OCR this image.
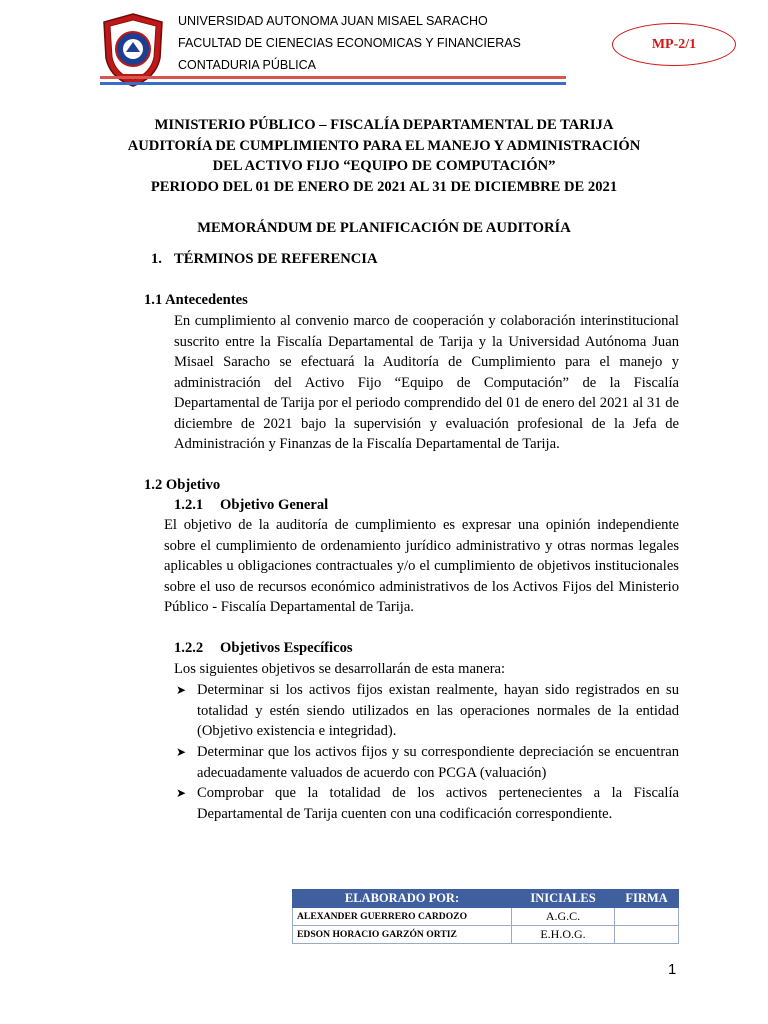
UNIVERSIDAD AUTONOMA JUAN MISAEL SARACHO
FACULTAD DE CIENECIAS ECONOMICAS Y FINANCIERAS
CONTADURIA PÚBLICA
MP-2/1
MINISTERIO PÚBLICO – FISCALÍA DEPARTAMENTAL DE TARIJA
AUDITORÍA DE CUMPLIMIENTO PARA EL MANEJO Y ADMINISTRACIÓN
DEL ACTIVO FIJO “EQUIPO DE COMPUTACIÓN”
PERIODO DEL 01 DE ENERO DE 2021 AL 31 DE DICIEMBRE DE 2021
MEMORÁNDUM DE PLANIFICACIÓN DE AUDITORÍA
1. TÉRMINOS DE REFERENCIA
1.1 Antecedentes
En cumplimiento al convenio marco de cooperación y colaboración interinstitucional suscrito entre la Fiscalía Departamental de Tarija y la Universidad Autónoma Juan Misael Saracho se efectuará la Auditoría de Cumplimiento para el manejo y administración del Activo Fijo “Equipo de Computación” de la Fiscalía Departamental de Tarija por el periodo comprendido del 01 de enero del 2021 al 31 de diciembre de 2021 bajo la supervisión y evaluación profesional de la Jefa de Administración y Finanzas de la Fiscalía Departamental de Tarija.
1.2 Objetivo
1.2.1 Objetivo General
El objetivo de la auditoría de cumplimiento es expresar una opinión independiente sobre el cumplimiento de ordenamiento jurídico administrativo y otras normas legales aplicables u obligaciones contractuales y/o el cumplimiento de objetivos institucionales sobre el uso de recursos económico administrativos de los Activos Fijos del Ministerio Público - Fiscalía Departamental de Tarija.
1.2.2 Objetivos Específicos
Los siguientes objetivos se desarrollarán de esta manera:
➤ Determinar si los activos fijos existan realmente, hayan sido registrados en su totalidad y estén siendo utilizados en las operaciones normales de la entidad (Objetivo existencia e integridad).
➤ Determinar que los activos fijos y su correspondiente depreciación se encuentran adecuadamente valuados de acuerdo con PCGA (valuación)
➤ Comprobar que la totalidad de los activos pertenecientes a la Fiscalía Departamental de Tarija cuenten con una codificación correspondiente.
ELABORADO POR:	INICIALES	FIRMA
ALEXANDER GUERRERO CARDOZO	A.G.C.	
EDSON HORACIO GARZÓN ORTIZ	E.H.O.G.	
1
